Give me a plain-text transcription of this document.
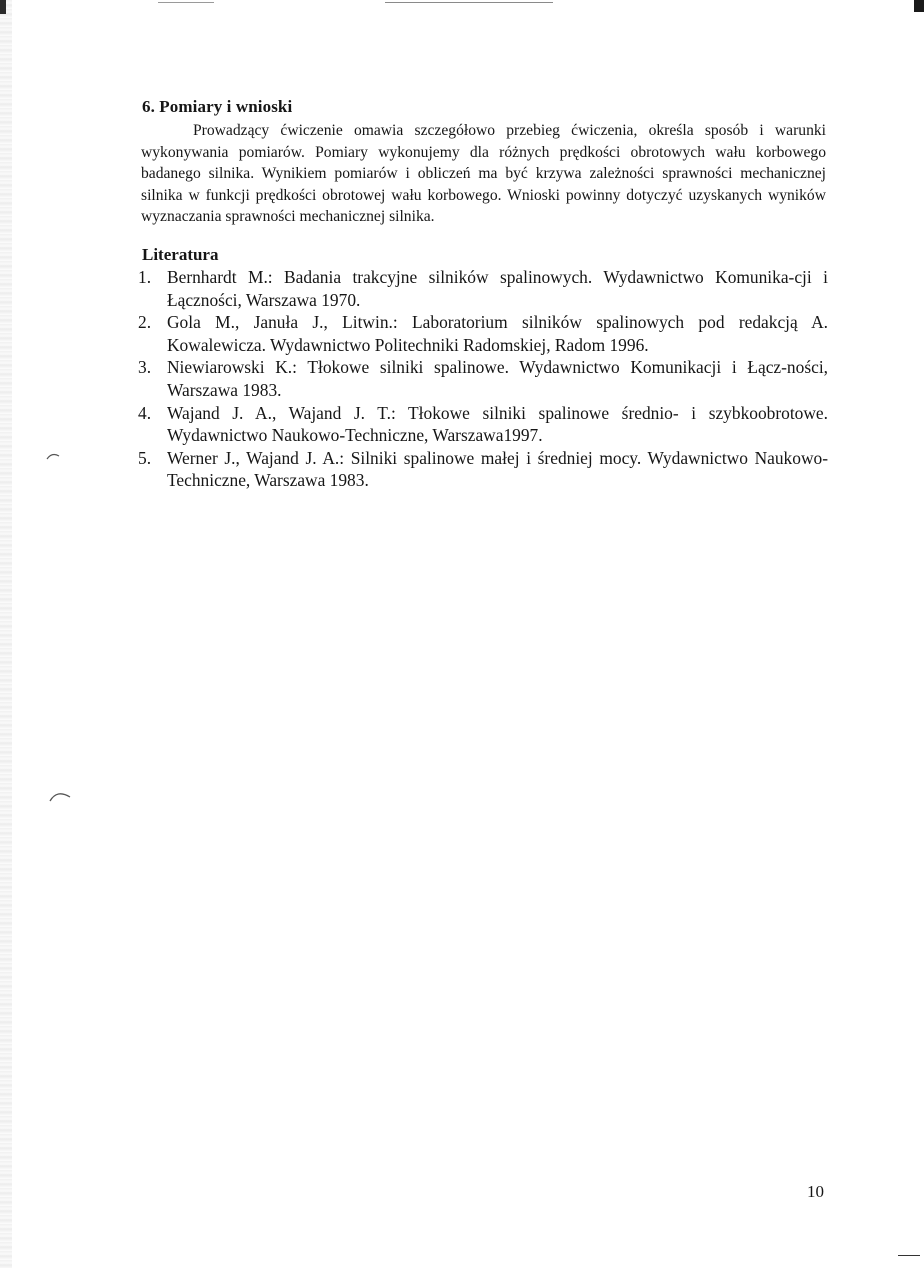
6. Pomiary i wnioski

Prowadzący ćwiczenie omawia szczegółowo przebieg ćwiczenia, określa sposób i warunki wykonywania pomiarów. Pomiary wykonujemy dla różnych prędkości obrotowych wału korbowego badanego silnika. Wynikiem pomiarów i obliczeń ma być krzywa zależności sprawności mechanicznej silnika w funkcji prędkości obrotowej wału korbowego. Wnioski powinny dotyczyć uzyskanych wyników wyznaczania sprawności mechanicznej silnika.

Literatura
1. Bernhardt M.: Badania trakcyjne silników spalinowych. Wydawnictwo Komunika-cji i Łączności, Warszawa 1970.
2. Gola M., Januła J., Litwin.: Laboratorium silników spalinowych pod redakcją A. Kowalewicza. Wydawnictwo Politechniki Radomskiej, Radom 1996.
3. Niewiarowski K.: Tłokowe silniki spalinowe. Wydawnictwo Komunikacji i Łącz-ności, Warszawa 1983.
4. Wajand J. A., Wajand J. T.: Tłokowe silniki spalinowe średnio- i szybkoobrotowe. Wydawnictwo Naukowo-Techniczne, Warszawa1997.
5. Werner J., Wajand J. A.: Silniki spalinowe małej i średniej mocy. Wydawnictwo Naukowo-Techniczne, Warszawa 1983.

10
